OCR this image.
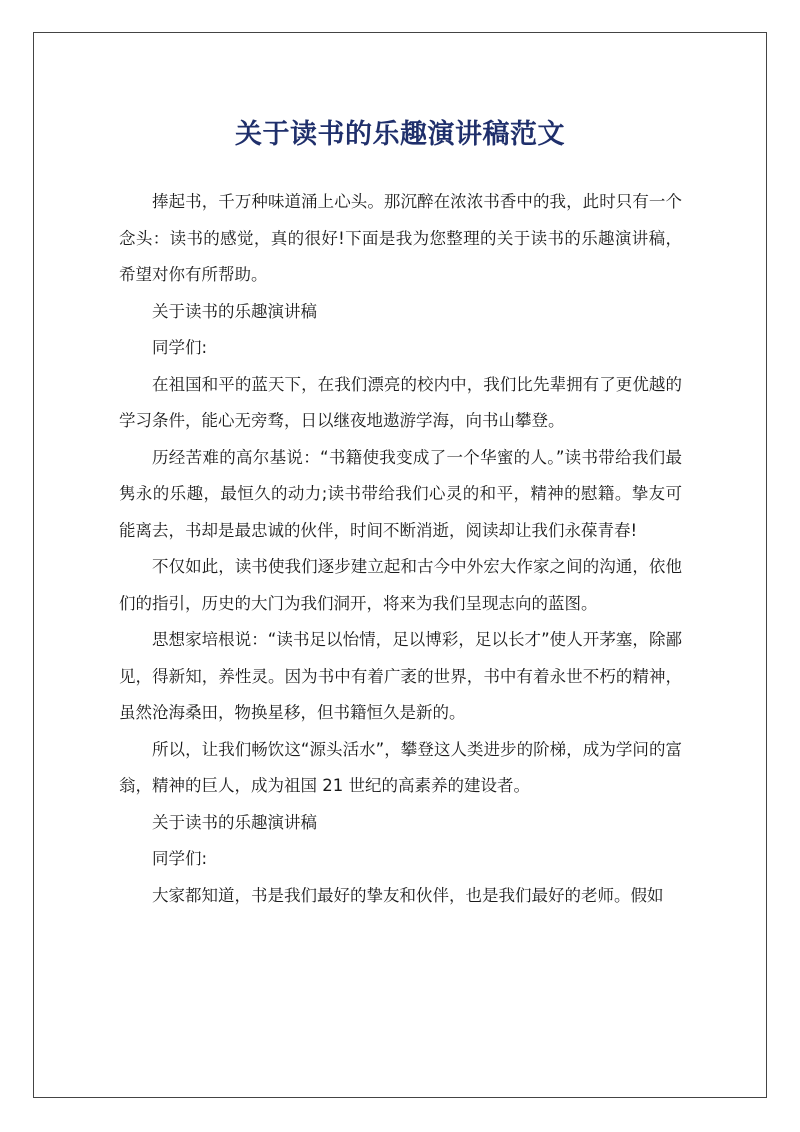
关于读书的乐趣演讲稿范文

捧起书，千万种味道涌上心头。那沉醉在浓浓书香中的我，此时只有一个念头：读书的感觉，真的很好!下面是我为您整理的关于读书的乐趣演讲稿，希望对你有所帮助。

关于读书的乐趣演讲稿

同学们:

在祖国和平的蓝天下，在我们漂亮的校内中，我们比先辈拥有了更优越的学习条件，能心无旁骛，日以继夜地遨游学海，向书山攀登。

历经苦难的高尔基说：“书籍使我变成了一个华蜜的人。”读书带给我们最隽永的乐趣，最恒久的动力;读书带给我们心灵的和平，精神的慰籍。挚友可能离去，书却是最忠诚的伙伴，时间不断消逝，阅读却让我们永葆青春!

不仅如此，读书使我们逐步建立起和古今中外宏大作家之间的沟通，依他们的指引，历史的大门为我们洞开，将来为我们呈现志向的蓝图。

思想家培根说：“读书足以怡情，足以博彩，足以长才”使人开茅塞，除鄙见，得新知，养性灵。因为书中有着广袤的世界，书中有着永世不朽的精神，虽然沧海桑田，物换星移，但书籍恒久是新的。

所以，让我们畅饮这“源头活水”，攀登这人类进步的阶梯，成为学问的富翁，精神的巨人，成为祖国 21 世纪的高素养的建设者。

关于读书的乐趣演讲稿

同学们:

大家都知道，书是我们最好的挚友和伙伴，也是我们最好的老师。假如
